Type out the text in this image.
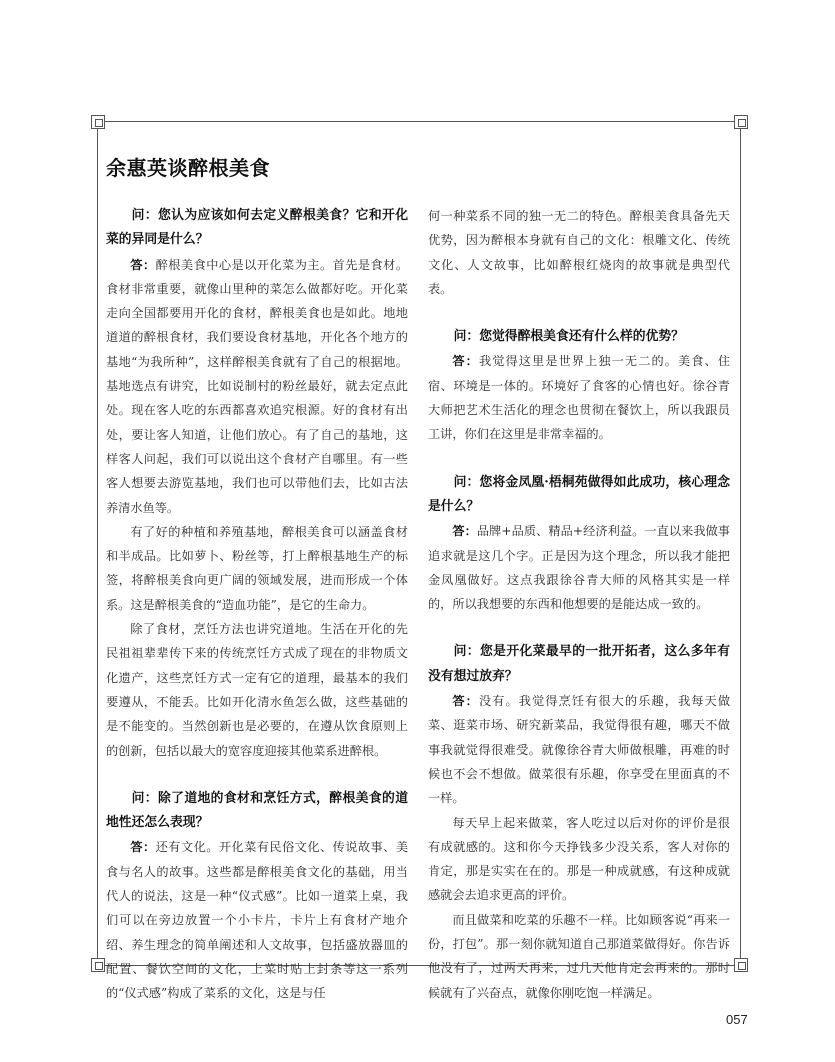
余惠英谈醉根美食

问：您认为应该如何去定义醉根美食？它和开化菜的异同是什么？

答：醉根美食中心是以开化菜为主。首先是食材。食材非常重要，就像山里种的菜怎么做都好吃。开化菜走向全国都要用开化的食材，醉根美食也是如此。地地道道的醉根食材，我们要设食材基地，开化各个地方的基地“为我所种”，这样醉根美食就有了自己的根据地。基地选点有讲究，比如说制村的粉丝最好，就去定点此处。现在客人吃的东西都喜欢追究根源。好的食材有出处，要让客人知道，让他们放心。有了自己的基地，这样客人问起，我们可以说出这个食材产自哪里。有一些客人想要去游览基地，我们也可以带他们去，比如古法养清水鱼等。

有了好的种植和养殖基地，醉根美食可以涵盖食材和半成品。比如萝卜、粉丝等，打上醉根基地生产的标签，将醉根美食向更广阔的领域发展，进而形成一个体系。这是醉根美食的“造血功能”，是它的生命力。

除了食材，烹饪方法也讲究道地。生活在开化的先民祖祖辈辈传下来的传统烹饪方式成了现在的非物质文化遗产，这些烹饪方式一定有它的道理，最基本的我们要遵从，不能丢。比如开化清水鱼怎么做，这些基础的是不能变的。当然创新也是必要的，在遵从饮食原则上的创新，包括以最大的宽容度迎接其他菜系进醉根。

问：除了道地的食材和烹饪方式，醉根美食的道地性还怎么表现？

答：还有文化。开化菜有民俗文化、传说故事、美食与名人的故事。这些都是醉根美食文化的基础，用当代人的说法，这是一种“仪式感”。比如一道菜上桌，我们可以在旁边放置一个小卡片，卡片上有食材产地介绍、养生理念的简单阐述和人文故事，包括盛放器皿的配置、餐饮空间的文化，上菜时贴上封条等这一系列的“仪式感”构成了菜系的文化，这是与任

何一种菜系不同的独一无二的特色。醉根美食具备先天优势，因为醉根本身就有自己的文化：根雕文化、传统文化、人文故事，比如醉根红烧肉的故事就是典型代表。

问：您觉得醉根美食还有什么样的优势？

答：我觉得这里是世界上独一无二的。美食、住宿、环境是一体的。环境好了食客的心情也好。徐谷青大师把艺术生活化的理念也贯彻在餐饮上，所以我跟员工讲，你们在这里是非常幸福的。

问：您将金凤凰·梧桐苑做得如此成功，核心理念是什么？

答：品牌+品质、精品+经济利益。一直以来我做事追求就是这几个字。正是因为这个理念，所以我才能把金凤凰做好。这点我跟徐谷青大师的风格其实是一样的，所以我想要的东西和他想要的是能达成一致的。

问：您是开化菜最早的一批开拓者，这么多年有没有想过放弃？

答：没有。我觉得烹饪有很大的乐趣，我每天做菜、逛菜市场、研究新菜品，我觉得很有趣，哪天不做事我就觉得很难受。就像徐谷青大师做根雕，再难的时候也不会不想做。做菜很有乐趣，你享受在里面真的不一样。

每天早上起来做菜，客人吃过以后对你的评价是很有成就感的。这和你今天挣钱多少没关系，客人对你的肯定，那是实实在在的。那是一种成就感，有这种成就感就会去追求更高的评价。

而且做菜和吃菜的乐趣不一样。比如顾客说“再来一份，打包”。那一刻你就知道自己那道菜做得好。你告诉他没有了，过两天再来，过几天他肯定会再来的。那时候就有了兴奋点，就像你刚吃饱一样满足。

057
